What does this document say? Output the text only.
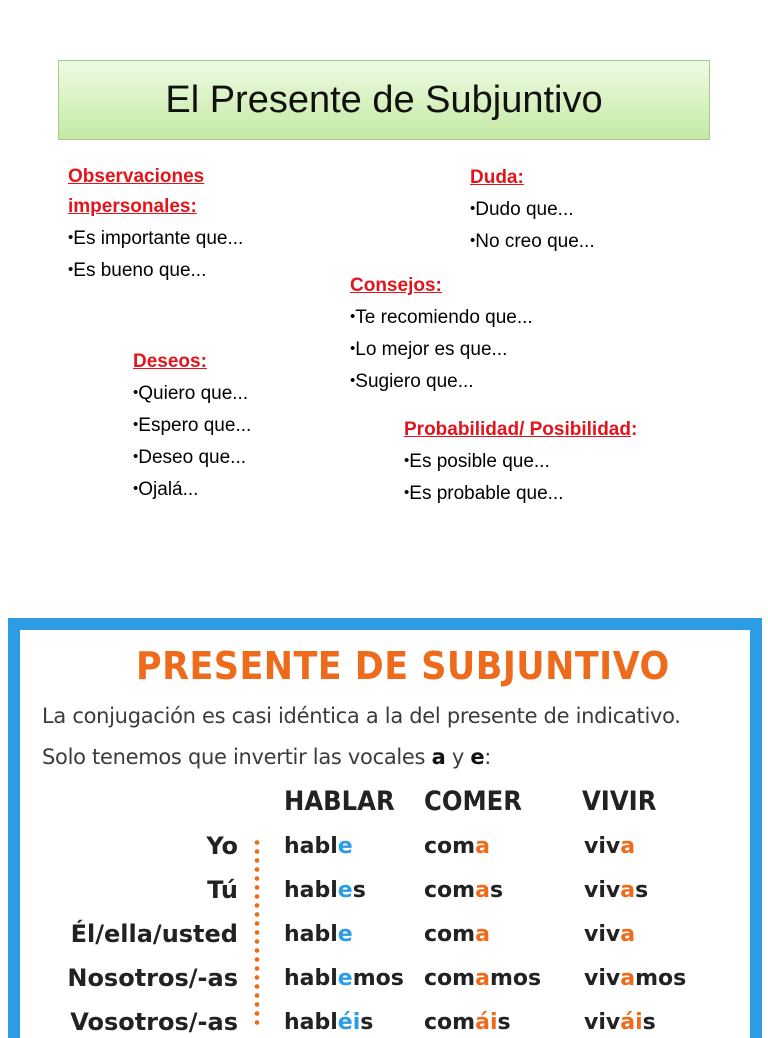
El Presente de Subjuntivo
Observaciones
impersonales:
• Es importante que...
• Es bueno que...
Duda:
• Dudo que...
• No creo que...
Consejos:
• Te recomiendo que...
• Lo mejor es que...
• Sugiero que...
Deseos:
• Quiero que...
• Espero que...
• Deseo que...
• Ojalá...
Probabilidad/ Posibilidad:
• Es posible que...
• Es probable que...
PRESENTE DE SUBJUNTIVO
La conjugación es casi idéntica a la del presente de indicativo.
Solo tenemos que invertir las vocales a y e:
HABLAR COMER VIVIR
Yo hable	coma	viva
Tú hables	comas	vivas
Él/ella/usted hable	coma	viva
Nosotros/-as hablemos comamos vivamos
Vosotros/-as habléis comáis	viváis
